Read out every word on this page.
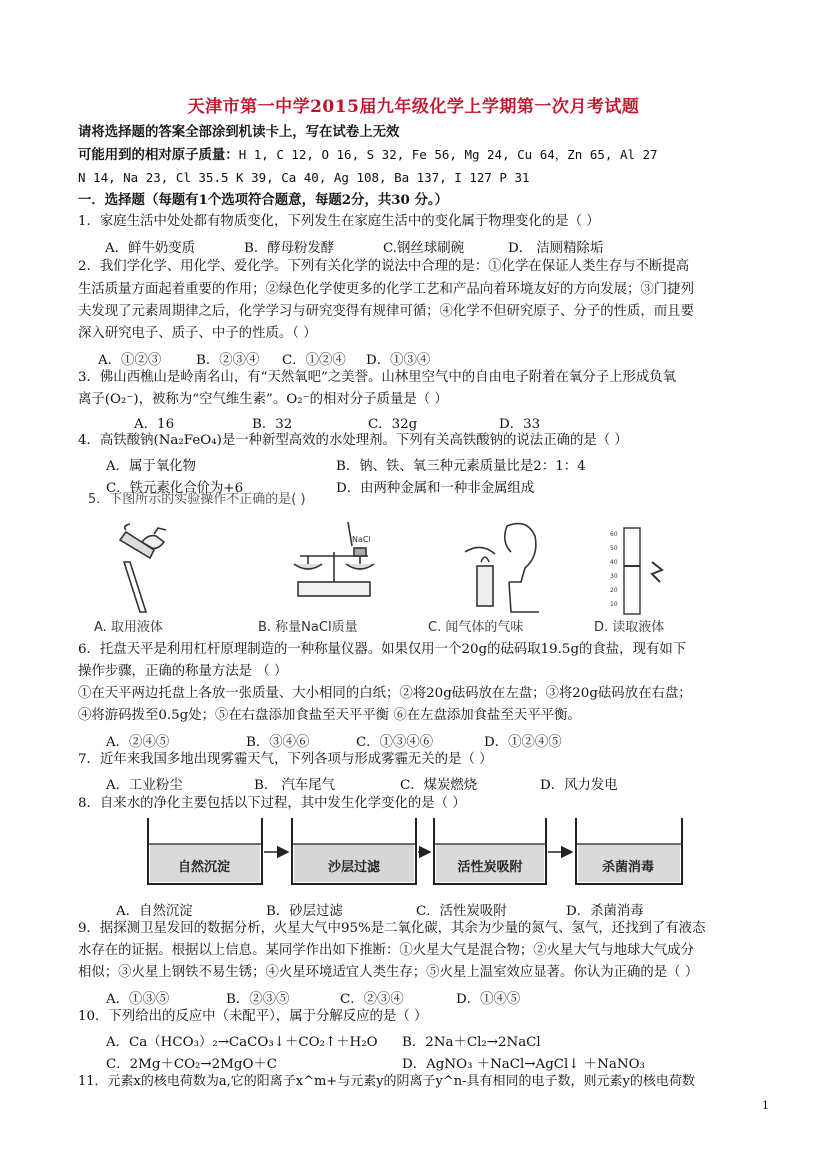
天津市第一中学2015届九年级化学上学期第一次月考试题
请将选择题的答案全部涂到机读卡上，写在试卷上无效
可能用到的相对原子质量：H 1, C 12, O 16, S 32, Fe 56, Mg 24, Cu 64，Zn 65, Al 27
N 14, Na 23, Cl 35.5 K 39, Ca 40, Ag 108, Ba 137, I 127 P 31
一．选择题（每题有1个选项符合题意，每题2分，共30 分。）
1．家庭生活中处处都有物质变化，下列发生在家庭生活中的变化属于物理变化的是（ ）
A．鲜牛奶变质	B．酵母粉发酵	C.钢丝球刷碗	D． 洁厕精除垢
2．我们学化学、用化学、爱化学。下列有关化学的说法中合理的是：①化学在保证人类生存与不断提高
生活质量方面起着重要的作用；②绿色化学使更多的化学工艺和产品向着环境友好的方向发展；③门捷列
夫发现了元素周期律之后，化学学习与研究变得有规律可循；④化学不但研究原子、分子的性质，而且要
深入研究电子、质子、中子的性质。（ ）
A．①②③	B．②③④ C．①②④ D．①③④
3．佛山西樵山是岭南名山，有“天然氧吧”之美誉。山林里空气中的自由电子附着在氧分子上形成负氧
离子(O₂⁻)，被称为“空气维生素”。O₂⁻的相对分子质量是（ ）
A．16	B．32	C．32g	D．33
4．高铁酸钠(Na₂FeO₄)是一种新型高效的水处理剂。下列有关高铁酸钠的说法正确的是（ ）
A．属于氧化物	B．钠、铁、氧三种元素质量比是2：1：4
C．铁元素化合价为+6	D．由两种金属和一种非金属组成
5．下图所示的实验操作不正确的是( )
NaCl
60
50
40
30
20
10
A. 取用液体	B. 称量NaCl质量	C. 闻气体的气味	D. 读取液体
6．托盘天平是利用杠杆原理制造的一种称量仪器。如果仅用一个20g的砝码取19.5g的食盐，现有如下
操作步骤，正确的称量方法是 （ ）
①在天平两边托盘上各放一张质量、大小相同的白纸；②将20g砝码放在左盘；③将20g砝码放在右盘；
④将游码拨至0.5g处；⑤在右盘添加食盐至天平平衡 ⑥在左盘添加食盐至天平平衡。
A．②④⑤	B．③④⑥	C．①③④⑥	D．①②④⑤
7．近年来我国多地出现雾霾天气，下列各项与形成雾霾无关的是（ ）
A．工业粉尘	B． 汽车尾气	C．煤炭燃烧	D．风力发电
8．自来水的净化主要包括以下过程，其中发生化学变化的是（ ）
自然沉淀	沙层过滤	活性炭吸附	杀菌消毒
A．自然沉淀	B．砂层过滤	C．活性炭吸附	D．杀菌消毒
9．据探测卫星发回的数据分析，火星大气中95%是二氧化碳，其余为少量的氮气、氢气，还找到了有液态
水存在的证据。根据以上信息。某同学作出如下推断：①火星大气是混合物；②火星大气与地球大气成分
相似；③火星上钢铁不易生锈；④火星环境适宜人类生存；⑤火星上温室效应显著。你认为正确的是（ ）
A．①③⑤	B．②③⑤	C．②③④	D．①④⑤
10．下列给出的反应中（未配平），属于分解反应的是（ ）
A．Ca（HCO₃）₂→CaCO₃↓＋CO₂↑＋H₂O B．2Na＋Cl₂→2NaCl
C．2Mg＋CO₂→2MgO＋C	D．AgNO₃ ＋NaCl→AgCl↓ ＋NaNO₃
11．元素x的核电荷数为a,它的阳离子x^m+与元素y的阴离子y^n-具有相同的电子数，则元素y的核电荷数
1
